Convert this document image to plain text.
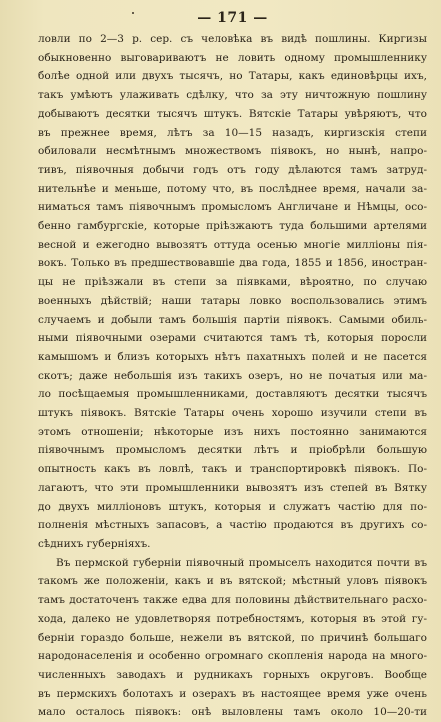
— 171 —
ловли по 2—3 р. сер. съ человѣка въ видѣ пошлины. Киргизы
обыкновенно выговариваютъ не ловить одному промышленнику
болѣе одной или двухъ тысячъ, но Татары, какъ единовѣрцы ихъ,
такъ умѣютъ улаживать сдѣлку, что за эту ничтожную пошлину
добываютъ десятки тысячъ штукъ. Вятскіе Татары увѣряютъ, что
въ прежнее время, лѣтъ за 10—15 назадъ, киргизскія степи
обиловали несмѣтнымъ множествомъ піявокъ, но нынѣ, напро-
тивъ, піявочныя добычи годъ отъ году дѣлаются тамъ затруд-
нительнѣе и меньше, потому что, въ послѣднее время, начали за-
ниматься тамъ піявочнымъ промысломъ Англичане и Нѣмцы, осо-
бенно гамбургскіе, которые пріѣзжаютъ туда большими артелями
весной и ежегодно вывозятъ оттуда осенью многіе милліоны пія-
вокъ. Только въ предшествовавшіе два года, 1855 и 1856, иностран-
цы не пріѣзжали въ степи за піявками, вѣроятно, по случаю
военныхъ дѣйствій; наши татары ловко воспользовались этимъ
случаемъ и добыли тамъ большія партіи піявокъ. Самыми обиль-
ными піявочными озерами считаются тамъ тѣ, которыя поросли
камышомъ и близъ которыхъ нѣтъ пахатныхъ полей и не пасется
скотъ; даже небольшія изъ такихъ озеръ, но не початыя или ма-
ло посѣщаемыя промышленниками, доставляютъ десятки тысячъ
штукъ піявокъ. Вятскіе Татары очень хорошо изучили степи въ
этомъ отношеніи; нѣкоторые изъ нихъ постоянно занимаются
піявочнымъ промысломъ десятки лѣтъ и пріобрѣли большую
опытность какъ въ ловлѣ, такъ и транспортировкѣ піявокъ. По-
лагаютъ, что эти промышленники вывозятъ изъ степей въ Вятку
до двухъ милліоновъ штукъ, которыя и служатъ частію для по-
полненія мѣстныхъ запасовъ, а частію продаются въ другихъ со-
сѣднихъ губерніяхъ.
Въ пермской губерніи піявочный промыселъ находится почти въ
такомъ же положеніи, какъ и въ вятской; мѣстный уловъ піявокъ
тамъ достаточенъ также едва для половины дѣйствительнаго расхо-
хода, далеко не удовлетворяя потребностямъ, которыя въ этой гу-
берніи гораздо больше, нежели въ вятской, по причинѣ большаго
народонаселенія и особенно огромнаго скопленія народа на много-
численныхъ заводахъ и рудникахъ горныхъ округовъ. Вообще
въ пермскихъ болотахъ и озерахъ въ настоящее время уже очень
мало осталось піявокъ: онѣ выловлены тамъ около 10—20-ти
